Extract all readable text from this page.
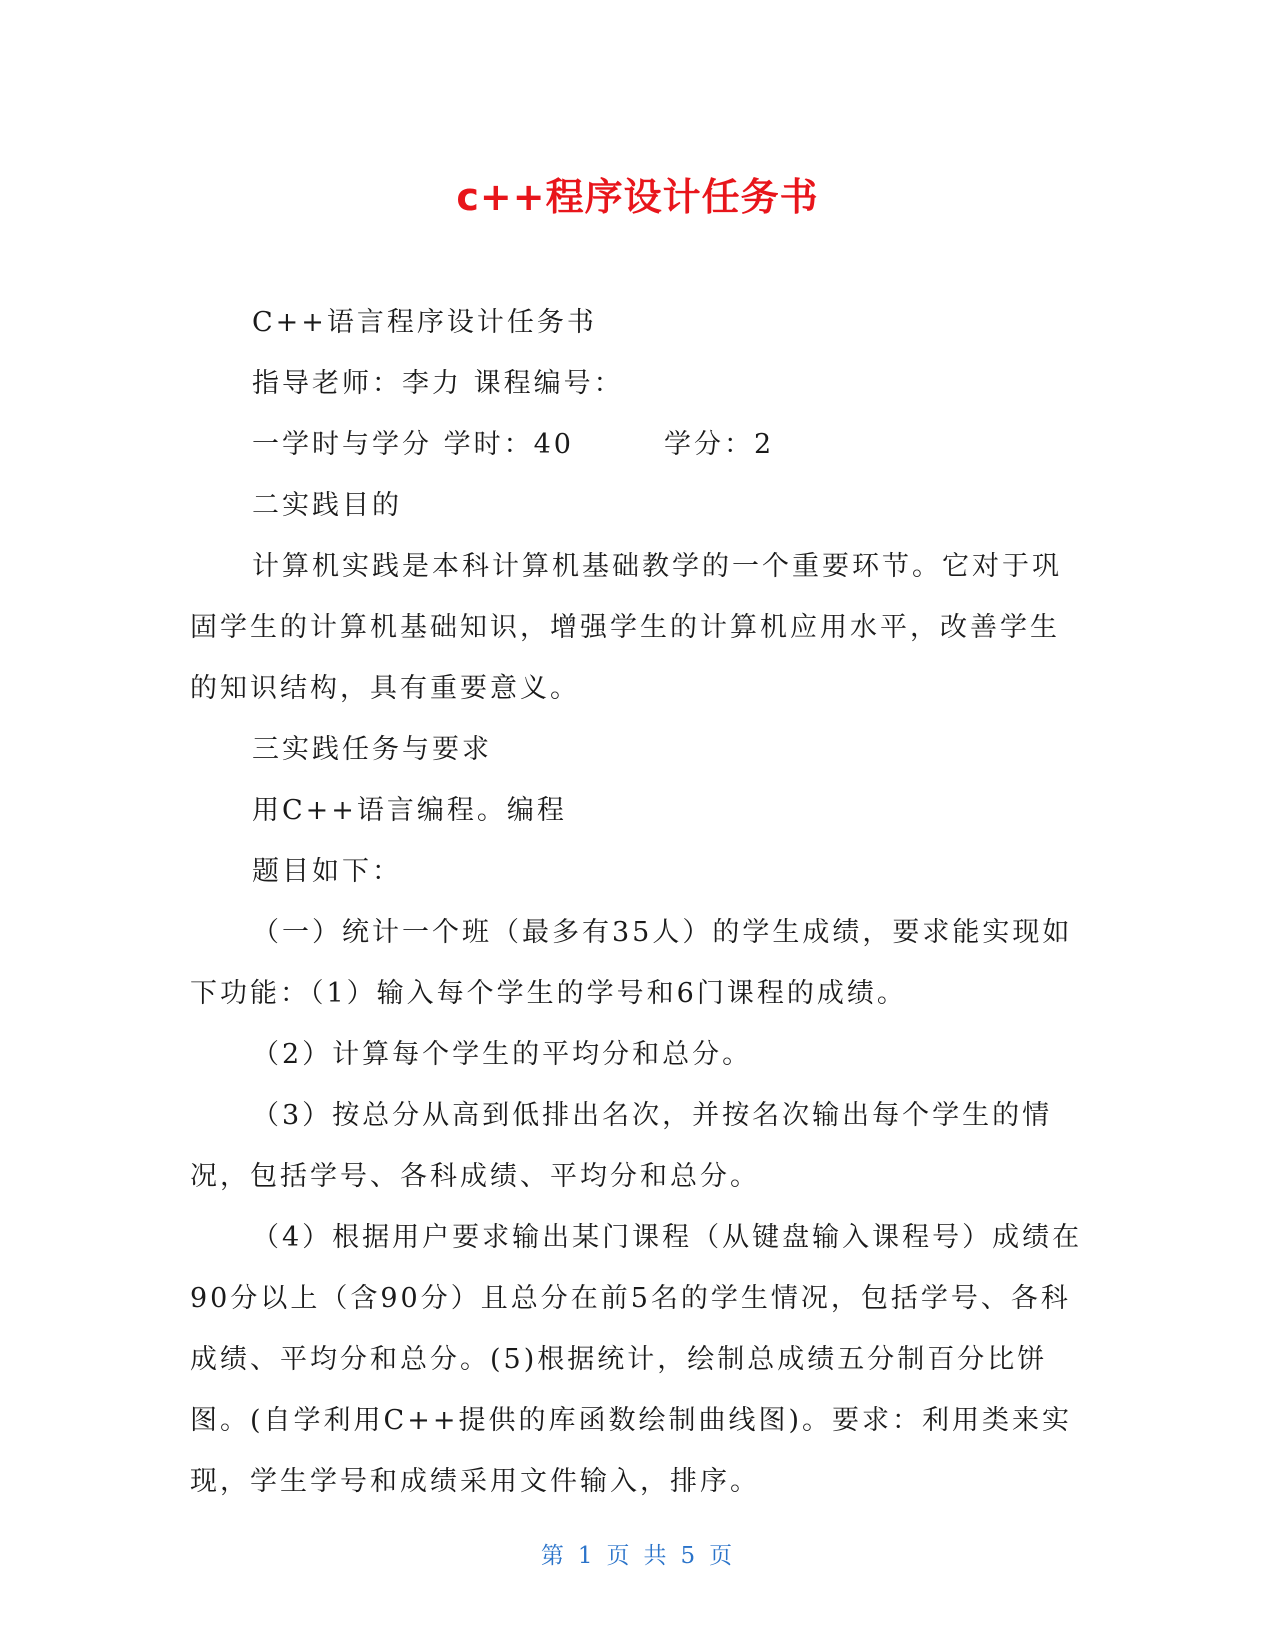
c++程序设计任务书

C++语言程序设计任务书

指导老师：李力 课程编号：

一学时与学分 学时：40　　　学分：2

二实践目的

计算机实践是本科计算机基础教学的一个重要环节。它对于巩固学生的计算机基础知识，增强学生的计算机应用水平，改善学生的知识结构，具有重要意义。

三实践任务与要求

用C++语言编程。编程

题目如下：

（一）统计一个班（最多有35人）的学生成绩，要求能实现如下功能：（1）输入每个学生的学号和6门课程的成绩。

（2）计算每个学生的平均分和总分。

（3）按总分从高到低排出名次，并按名次输出每个学生的情况，包括学号、各科成绩、平均分和总分。

（4）根据用户要求输出某门课程（从键盘输入课程号）成绩在90分以上（含90分）且总分在前5名的学生情况，包括学号、各科成绩、平均分和总分。(5)根据统计，绘制总成绩五分制百分比饼图。(自学利用C++提供的库函数绘制曲线图)。要求：利用类来实现，学生学号和成绩采用文件输入，排序。

第 1 页 共 5 页
